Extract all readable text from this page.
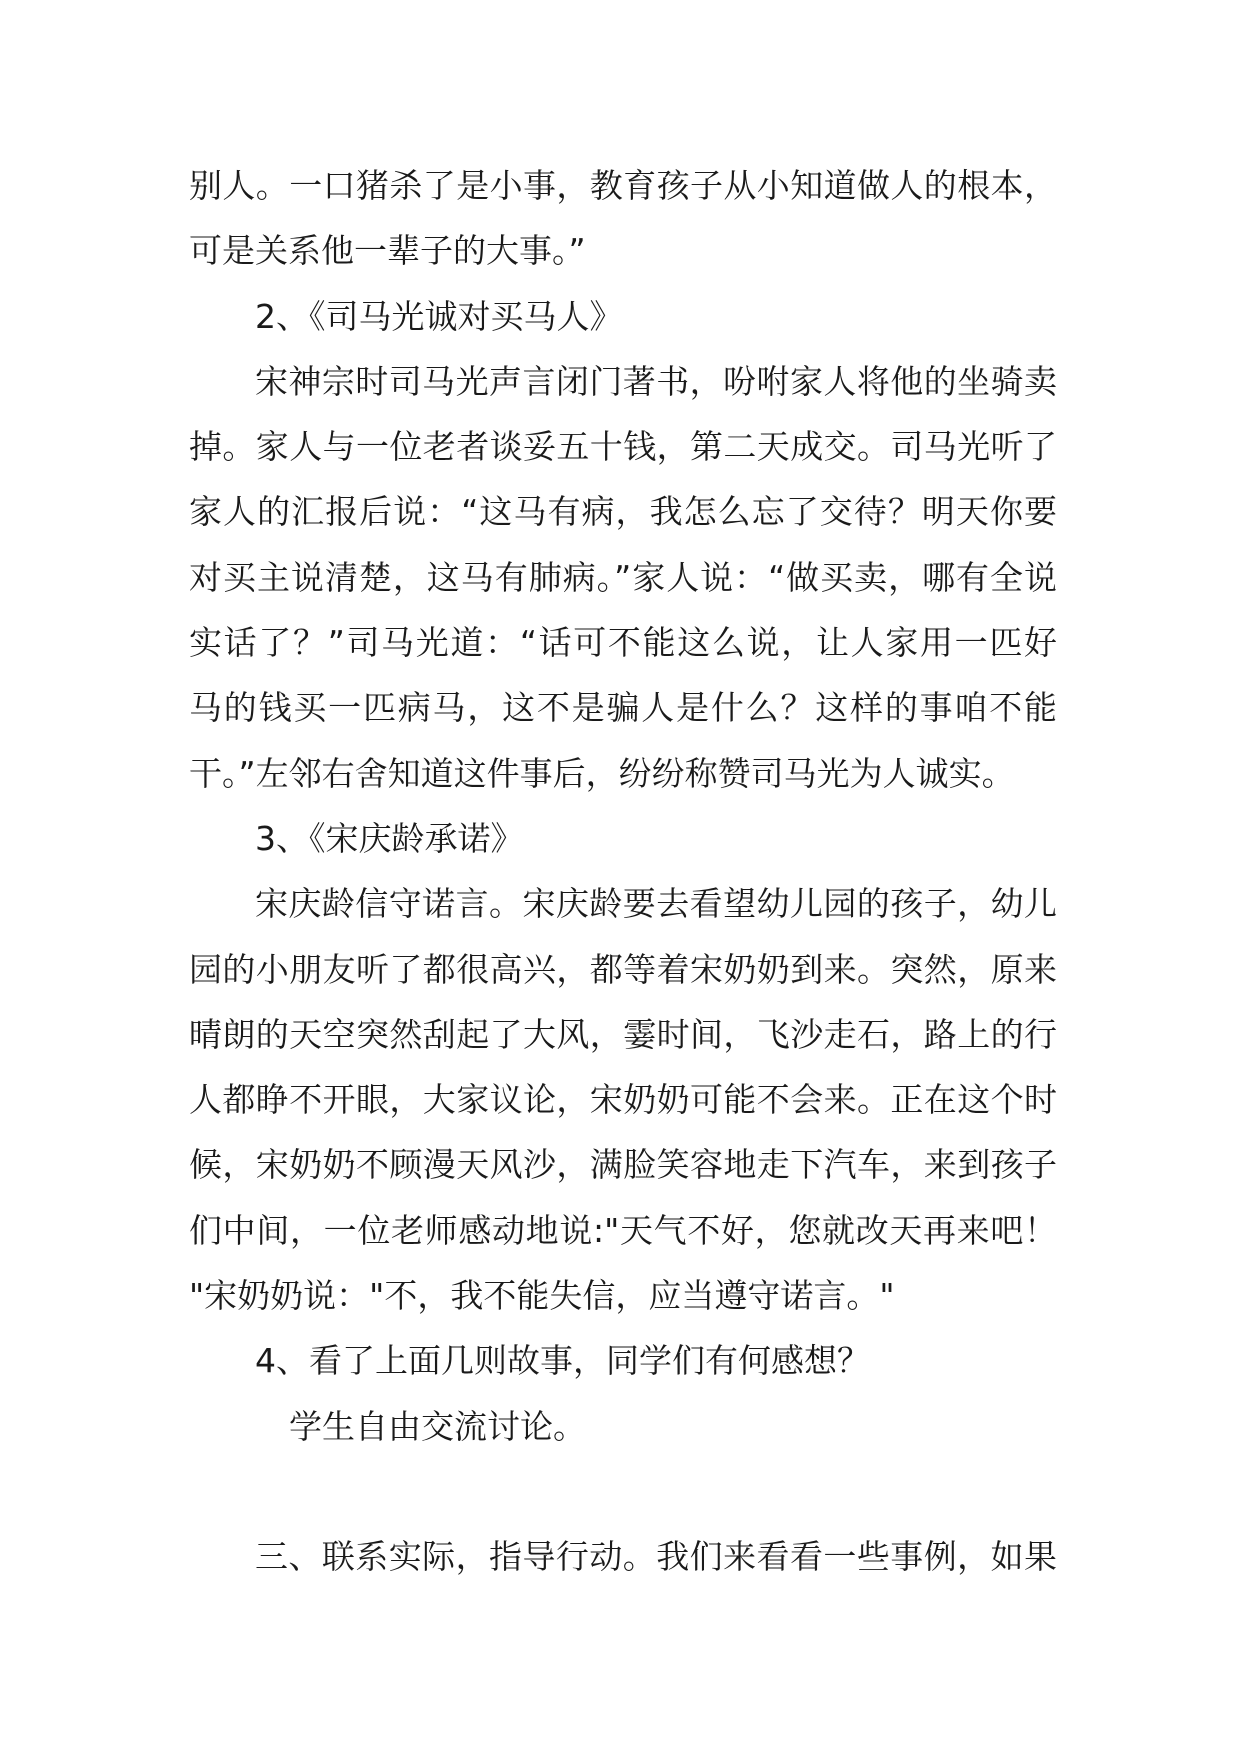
别人。一口猪杀了是小事，教育孩子从小知道做人的根本，
可是关系他一辈子的大事。”
2、《司马光诚对买马人》
宋神宗时司马光声言闭门著书，吩咐家人将他的坐骑卖
掉。家人与一位老者谈妥五十钱，第二天成交。司马光听了
家人的汇报后说：“这马有病，我怎么忘了交待？明天你要
对买主说清楚，这马有肺病。”家人说：“做买卖，哪有全说
实话了？”司马光道：“话可不能这么说，让人家用一匹好
马的钱买一匹病马，这不是骗人是什么？这样的事咱不能
干。”左邻右舍知道这件事后，纷纷称赞司马光为人诚实。
3、《宋庆龄承诺》
宋庆龄信守诺言。宋庆龄要去看望幼儿园的孩子，幼儿
园的小朋友听了都很高兴，都等着宋奶奶到来。突然，原来
晴朗的天空突然刮起了大风，霎时间，飞沙走石，路上的行
人都睁不开眼，大家议论，宋奶奶可能不会来。正在这个时
候，宋奶奶不顾漫天风沙，满脸笑容地走下汽车，来到孩子
们中间，一位老师感动地说:"天气不好，您就改天再来吧！
"宋奶奶说："不，我不能失信，应当遵守诺言。"
4、看了上面几则故事，同学们有何感想？
学生自由交流讨论。
三、联系实际，指导行动。我们来看看一些事例，如果
